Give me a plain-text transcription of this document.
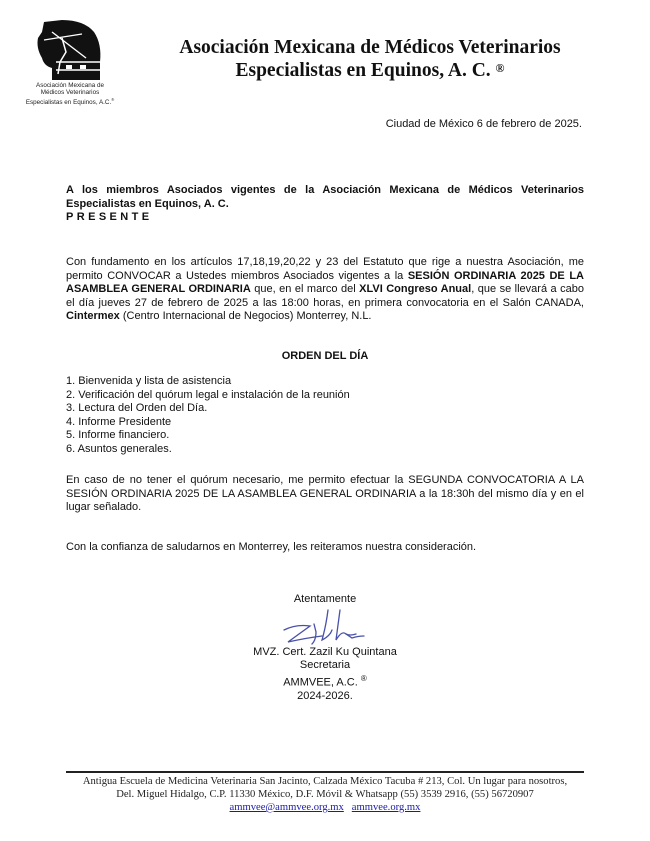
Asociación Mexicana de
Médicos Veterinarios
Especialistas en Equinos, A.C.®
Asociación Mexicana de Médicos Veterinarios
Especialistas en Equinos, A. C. ®
Ciudad de México 6 de febrero de 2025.
A los miembros Asociados vigentes de la Asociación Mexicana de Médicos Veterinarios Especialistas en Equinos, A. C.
PRESENTE
Con fundamento en los artículos 17,18,19,20,22 y 23 del Estatuto que rige a nuestra Asociación, me permito CONVOCAR a Ustedes miembros Asociados vigentes a la SESIÓN ORDINARIA 2025 DE LA ASAMBLEA GENERAL ORDINARIA que, en el marco del XLVI Congreso Anual, que se llevará a cabo el día jueves 27 de febrero de 2025 a las 18:00 horas, en primera convocatoria en el Salón CANADA, Cintermex (Centro Internacional de Negocios) Monterrey, N.L.
ORDEN DEL DÍA
1. Bienvenida y lista de asistencia
2. Verificación del quórum legal e instalación de la reunión
3. Lectura del Orden del Día.
4. Informe Presidente
5. Informe financiero.
6. Asuntos generales.
En caso de no tener el quórum necesario, me permito efectuar la SEGUNDA CONVOCATORIA A LA SESIÓN ORDINARIA 2025 DE LA ASAMBLEA GENERAL ORDINARIA a la 18:30h del mismo día y en el lugar señalado.
Con la confianza de saludarnos en Monterrey, les reiteramos nuestra consideración.
Atentamente
MVZ. Cert. Zazil Ku Quintana
Secretaria
AMMVEE, A.C. ®
2024-2026.
Antigua Escuela de Medicina Veterinaria San Jacinto, Calzada México Tacuba # 213, Col. Un lugar para nosotros,
Del. Miguel Hidalgo, C.P. 11330 México, D.F. Móvil & Whatsapp (55) 3539 2916, (55) 56720907
ammvee@ammvee.org.mx ammvee.org.mx
